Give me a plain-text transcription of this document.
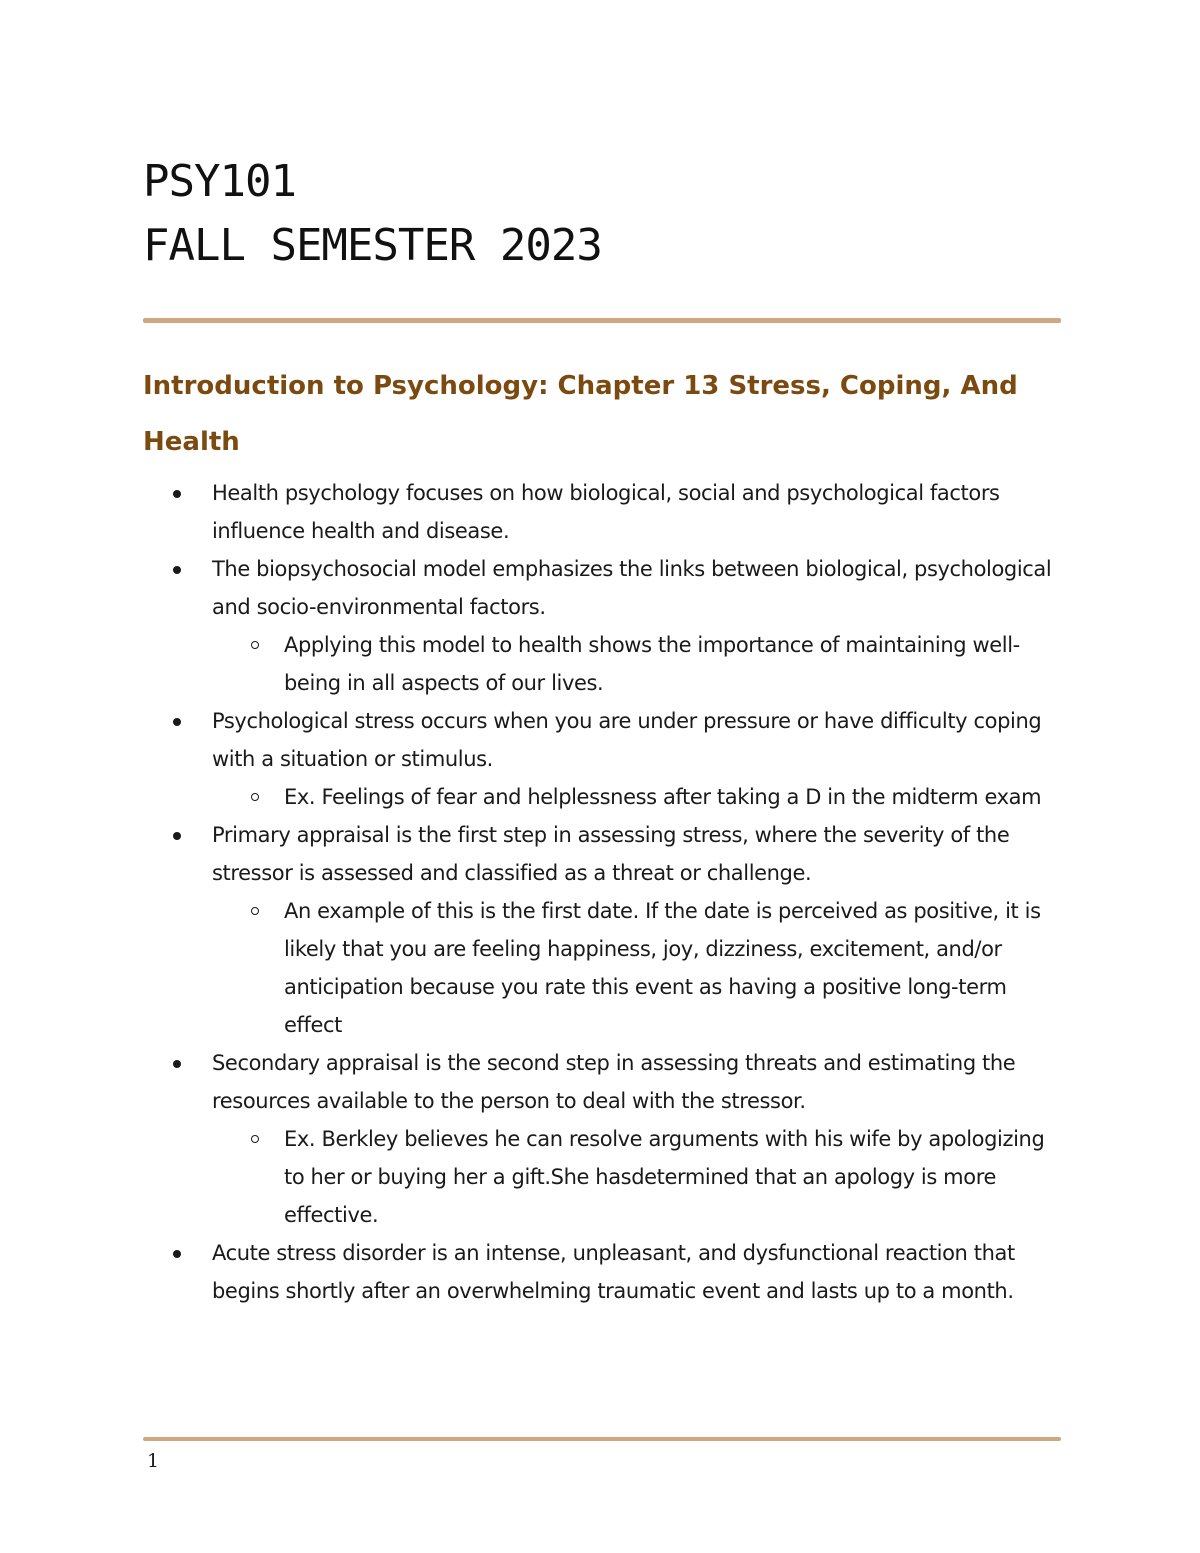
PSY101
FALL SEMESTER 2023
Introduction to Psychology: Chapter 13 Stress, Coping, And Health
Health psychology focuses on how biological, social and psychological factors influence health and disease.
The biopsychosocial model emphasizes the links between biological, psychological and socio-environmental factors.
Applying this model to health shows the importance of maintaining well-being in all aspects of our lives.
Psychological stress occurs when you are under pressure or have difficulty coping with a situation or stimulus.
Ex. Feelings of fear and helplessness after taking a D in the midterm exam
Primary appraisal is the first step in assessing stress, where the severity of the stressor is assessed and classified as a threat or challenge.
An example of this is the first date. If the date is perceived as positive, it is likely that you are feeling happiness, joy, dizziness, excitement, and/or anticipation because you rate this event as having a positive long-term effect
Secondary appraisal is the second step in assessing threats and estimating the resources available to the person to deal with the stressor.
Ex. Berkley believes he can resolve arguments with his wife by apologizing to her or buying her a gift.She hasdetermined that an apology is more effective.
Acute stress disorder is an intense, unpleasant, and dysfunctional reaction that begins shortly after an overwhelming traumatic event and lasts up to a month.
1
